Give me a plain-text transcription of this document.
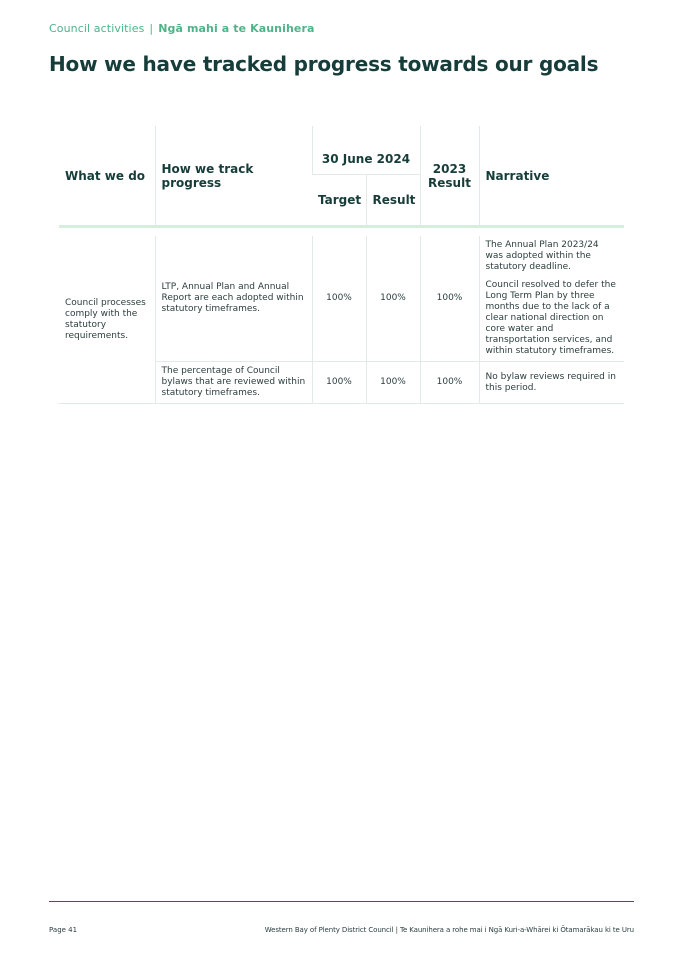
Council activities | Ngā mahi a te Kaunihera
How we have tracked progress towards our goals
What we do	How we track progress	30 June 2024		2023 Result	Narrative
		Target	Result		

Council processes comply with the statutory requirements.	LTP, Annual Plan and Annual Report are each adopted within statutory timeframes.	100%	100%	100%	The Annual Plan 2023/24 was adopted within the statutory deadline.

Council resolved to defer the Long Term Plan by three months due to the lack of a clear national direction on core water and transportation services, and within statutory timeframes.

	The percentage of Council bylaws that are reviewed within statutory timeframes.	100%	100%	100%	No bylaw reviews required in this period.

Page 41	Western Bay of Plenty District Council | Te Kaunihera a rohe mai i Ngā Kuri-a-Whārei ki Ōtamarākau ki te Uru
